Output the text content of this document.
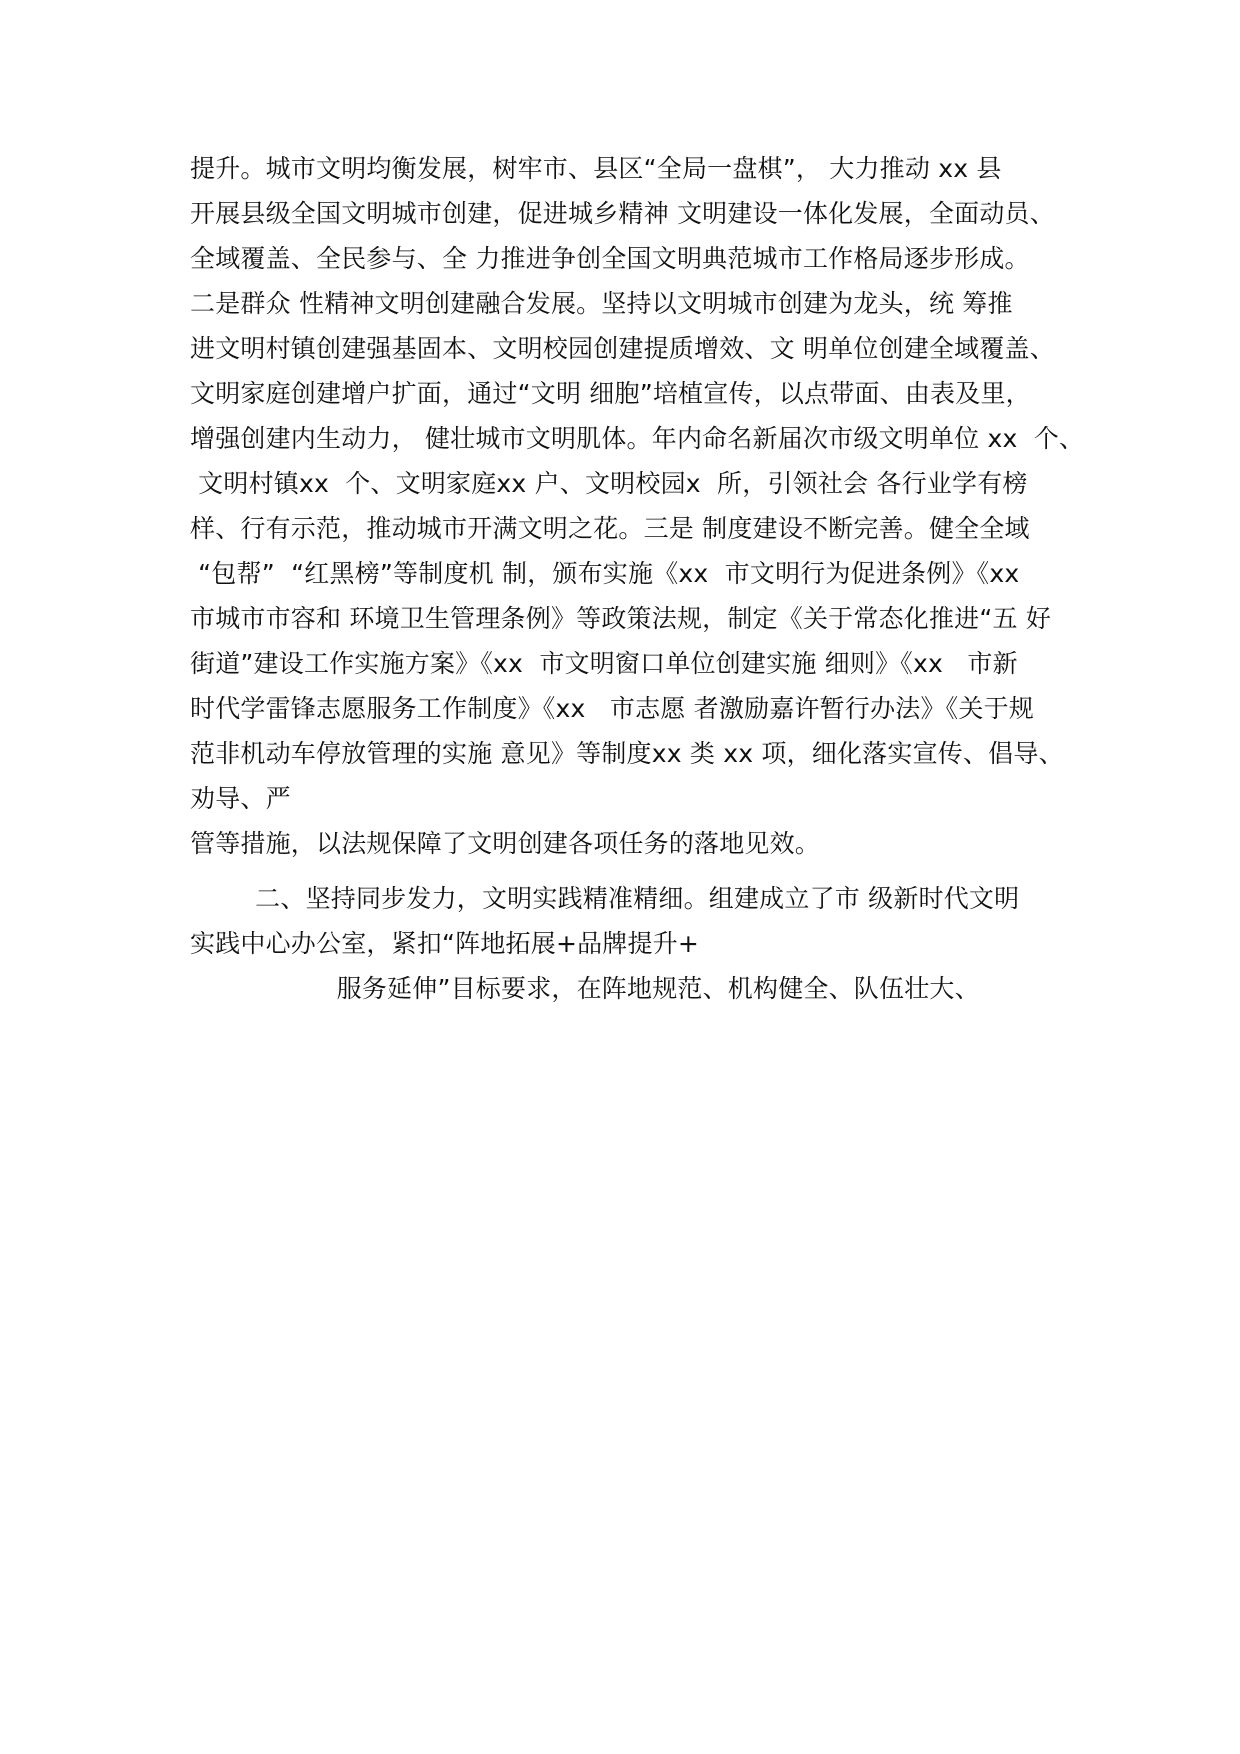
提升。城市文明均衡发展，树牢市、县区“全局一盘棋”， 大力推动 xx 县
开展县级全国文明城市创建，促进城乡精神 文明建设一体化发展，全面动员、
全域覆盖、全民参与、全 力推进争创全国文明典范城市工作格局逐步形成。
二是群众 性精神文明创建融合发展。坚持以文明城市创建为龙头，统 筹推
进文明村镇创建强基固本、文明校园创建提质增效、文 明单位创建全域覆盖、
文明家庭创建增户扩面，通过“文明 细胞”培植宣传，以点带面、由表及里，
增强创建内生动力， 健壮城市文明肌体。年内命名新届次市级文明单位 xx  个、
文明村镇xx  个、文明家庭xx 户、文明校园x  所，引领社会 各行业学有榜
样、行有示范，推动城市开满文明之花。三是 制度建设不断完善。健全全域
“包帮”  “红黑榜”等制度机 制，颁布实施《xx  市文明行为促进条例》《xx
市城市市容和 环境卫生管理条例》等政策法规，制定《关于常态化推进“五 好
街道”建设工作实施方案》《xx  市文明窗口单位创建实施 细则》《xx   市新
时代学雷锋志愿服务工作制度》《xx   市志愿 者激励嘉许暂行办法》《关于规
范非机动车停放管理的实施 意见》等制度xx 类 xx 项，细化落实宣传、倡导、
劝导、严
管等措施，以法规保障了文明创建各项任务的落地见效。
二、坚持同步发力，文明实践精准精细。组建成立了市 级新时代文明
实践中心办公室，紧扣“阵地拓展+品牌提升+
服务延伸”目标要求，在阵地规范、机构健全、队伍壮大、
